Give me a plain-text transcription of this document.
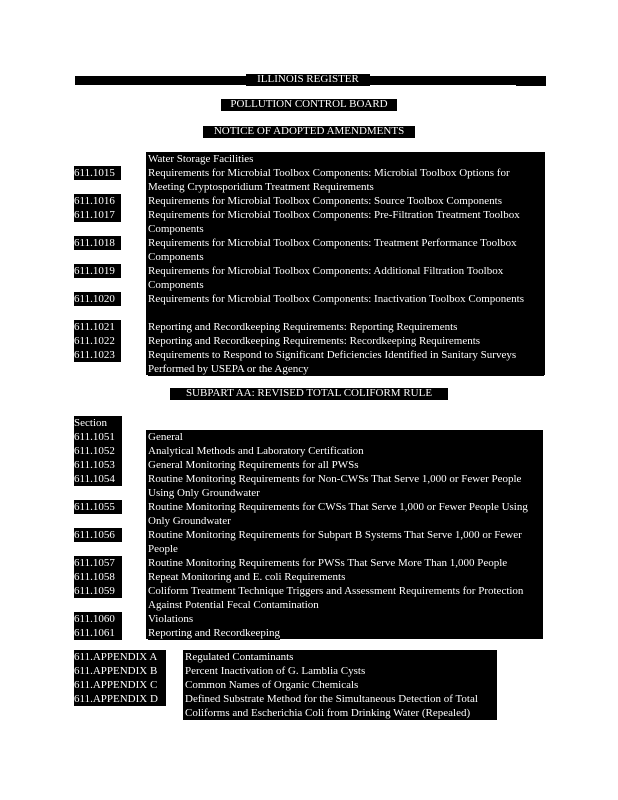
ILLINOIS REGISTER
POLLUTION CONTROL BOARD
NOTICE OF ADOPTED AMENDMENTS
Water Storage Facilities
611.1015	Requirements for Microbial Toolbox Components: Microbial Toolbox Options for Meeting Cryptosporidium Treatment Requirements
611.1016	Requirements for Microbial Toolbox Components: Source Toolbox Components
611.1017	Requirements for Microbial Toolbox Components: Pre-Filtration Treatment Toolbox Components
611.1018	Requirements for Microbial Toolbox Components: Treatment Performance Toolbox Components
611.1019	Requirements for Microbial Toolbox Components: Additional Filtration Toolbox Components
611.1020	Requirements for Microbial Toolbox Components: Inactivation Toolbox Components
611.1021	Reporting and Recordkeeping Requirements: Reporting Requirements
611.1022	Reporting and Recordkeeping Requirements: Recordkeeping Requirements
611.1023	Requirements to Respond to Significant Deficiencies Identified in Sanitary Surveys Performed by USEPA or the Agency
SUBPART AA: REVISED TOTAL COLIFORM RULE
Section
611.1051	General
611.1052	Analytical Methods and Laboratory Certification
611.1053	General Monitoring Requirements for all PWSs
611.1054	Routine Monitoring Requirements for Non-CWSs That Serve 1,000 or Fewer People Using Only Groundwater
611.1055	Routine Monitoring Requirements for CWSs That Serve 1,000 or Fewer People Using Only Groundwater
611.1056	Routine Monitoring Requirements for Subpart B Systems That Serve 1,000 or Fewer People
611.1057	Routine Monitoring Requirements for PWSs That Serve More Than 1,000 People
611.1058	Repeat Monitoring and E. coli Requirements
611.1059	Coliform Treatment Technique Triggers and Assessment Requirements for Protection Against Potential Fecal Contamination
611.1060	Violations
611.1061	Reporting and Recordkeeping
611.APPENDIX A	Regulated Contaminants
611.APPENDIX B	Percent Inactivation of G. Lamblia Cysts
611.APPENDIX C	Common Names of Organic Chemicals
611.APPENDIX D	Defined Substrate Method for the Simultaneous Detection of Total Coliforms and Escherichia Coli from Drinking Water (Repealed)
